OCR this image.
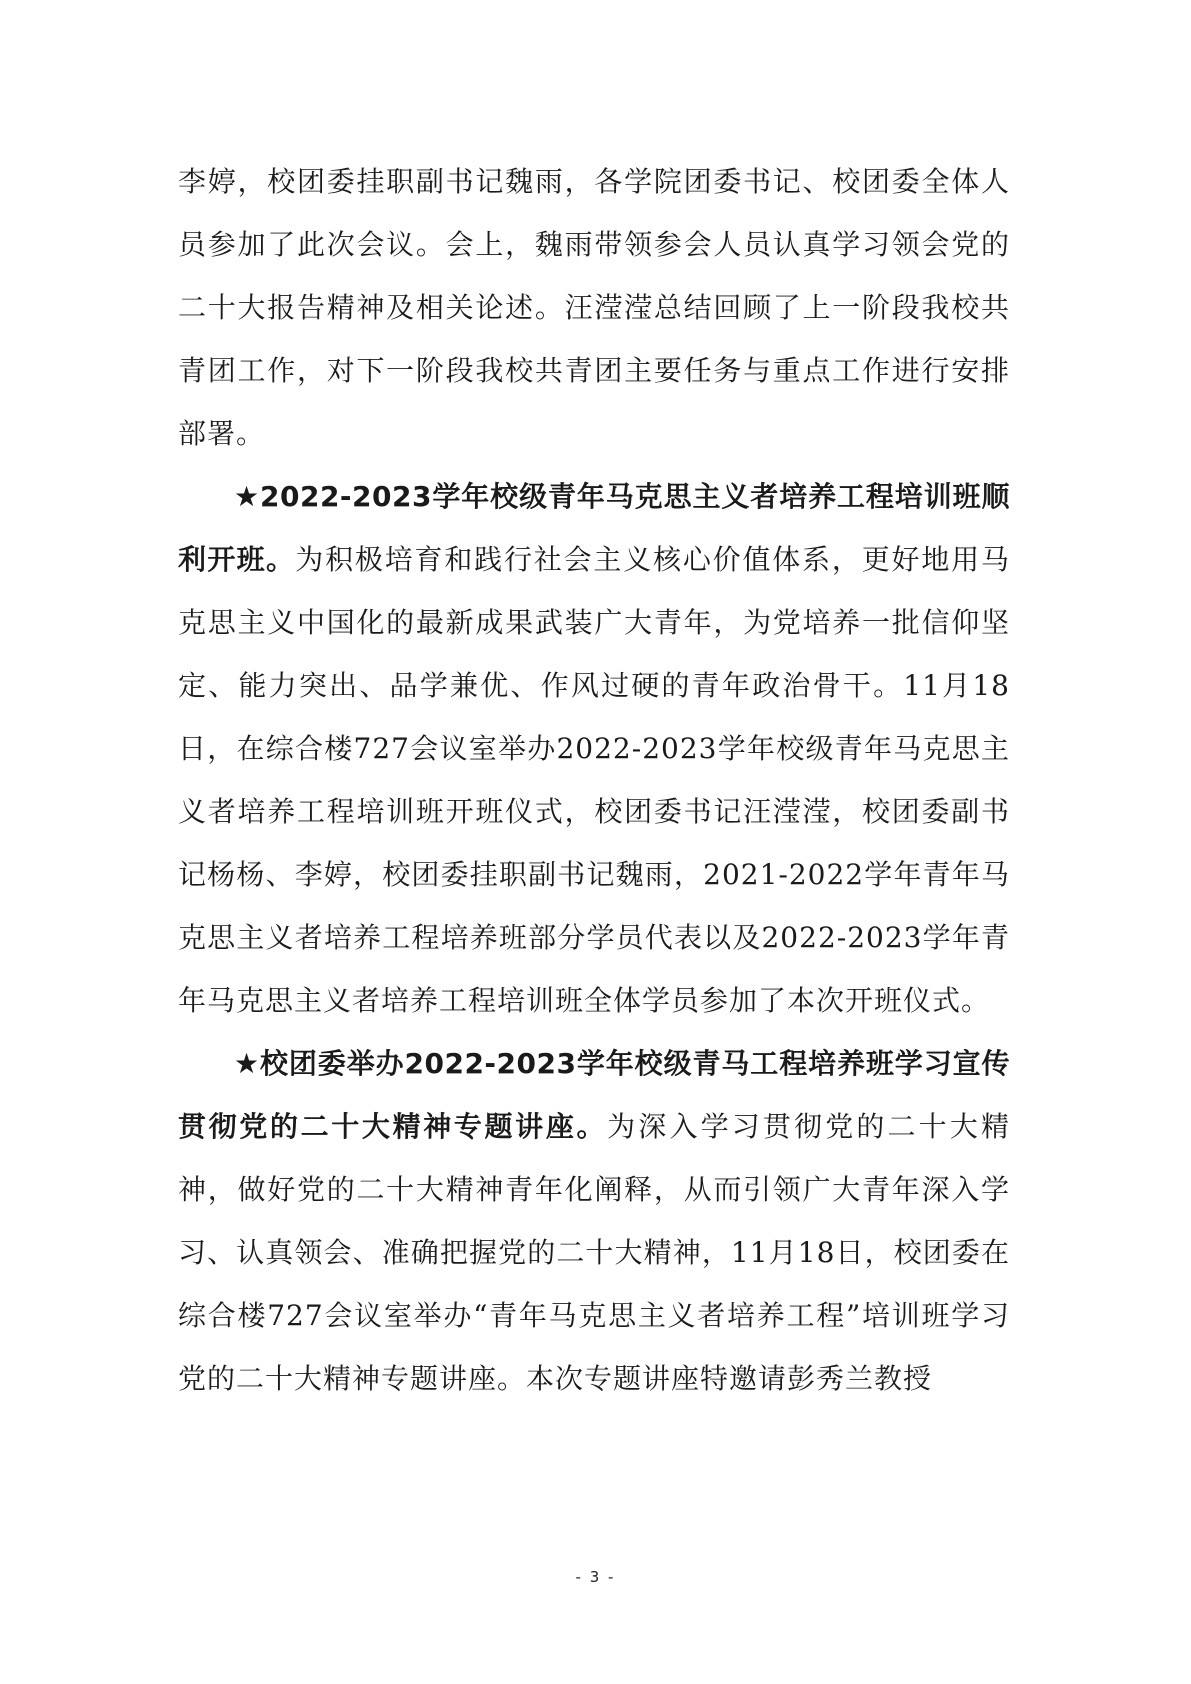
李婷，校团委挂职副书记魏雨，各学院团委书记、校团委全体人员参加了此次会议。会上，魏雨带领参会人员认真学习领会党的二十大报告精神及相关论述。汪滢滢总结回顾了上一阶段我校共青团工作，对下一阶段我校共青团主要任务与重点工作进行安排部署。

★2022-2023学年校级青年马克思主义者培养工程培训班顺利开班。为积极培育和践行社会主义核心价值体系，更好地用马克思主义中国化的最新成果武装广大青年，为党培养一批信仰坚定、能力突出、品学兼优、作风过硬的青年政治骨干。11月18日，在综合楼727会议室举办2022-2023学年校级青年马克思主义者培养工程培训班开班仪式，校团委书记汪滢滢，校团委副书记杨杨、李婷，校团委挂职副书记魏雨，2021-2022学年青年马克思主义者培养工程培养班部分学员代表以及2022-2023学年青年马克思主义者培养工程培训班全体学员参加了本次开班仪式。

★校团委举办2022-2023学年校级青马工程培养班学习宣传贯彻党的二十大精神专题讲座。为深入学习贯彻党的二十大精神，做好党的二十大精神青年化阐释，从而引领广大青年深入学习、认真领会、准确把握党的二十大精神，11月18日，校团委在综合楼727会议室举办“青年马克思主义者培养工程”培训班学习党的二十大精神专题讲座。本次专题讲座特邀请彭秀兰教授

- 3 -
